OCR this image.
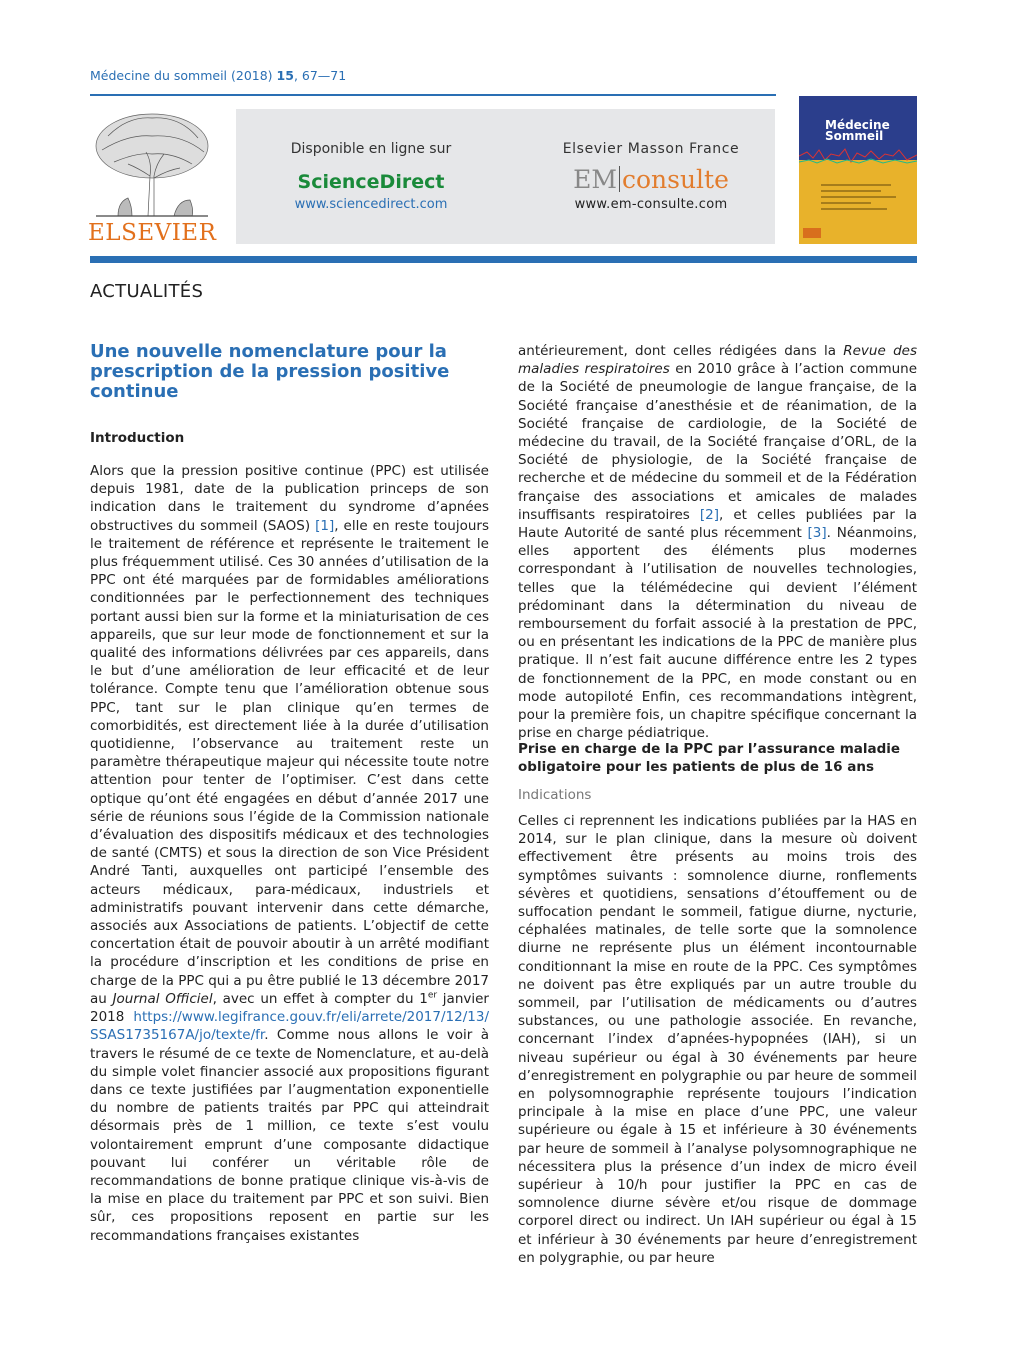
Médecine du sommeil (2018) 15, 67—71
ELSEVIER
Disponible en ligne sur
ScienceDirect
www.sciencedirect.com
Elsevier Masson France
EM consulte
www.em-consulte.com
Médecine
Sommeil
ACTUALITÉS
Une nouvelle nomenclature pour la prescription de la pression positive continue
Introduction
Alors que la pression positive continue (PPC) est utilisée depuis 1981, date de la publication princeps de son indication dans le traitement du syndrome d’apnées obstructives du sommeil (SAOS) [1], elle en reste toujours le traitement de référence et représente le traitement le plus fréquemment utilisé. Ces 30 années d’utilisation de la PPC ont été marquées par de formidables améliorations conditionnées par le perfectionnement des techniques portant aussi bien sur la forme et la miniaturisation de ces appareils, que sur leur mode de fonctionnement et sur la qualité des informations délivrées par ces appareils, dans le but d’une amélioration de leur efficacité et de leur tolérance. Compte tenu que l’amélioration obtenue sous PPC, tant sur le plan clinique qu’en termes de comorbidités, est directement liée à la durée d’utilisation quotidienne, l’observance au traitement reste un paramètre thérapeutique majeur qui nécessite toute notre attention pour tenter de l’optimiser. C’est dans cette optique qu’ont été engagées en début d’année 2017 une série de réunions sous l’égide de la Commission nationale d’évaluation des dispositifs médicaux et des technologies de santé (CMTS) et sous la direction de son Vice Président André Tanti, auxquelles ont participé l’ensemble des acteurs médicaux, para-médicaux, industriels et administratifs pouvant intervenir dans cette démarche, associés aux Associations de patients. L’objectif de cette concertation était de pouvoir aboutir à un arrêté modifiant la procédure d’inscription et les conditions de prise en charge de la PPC qui a pu être publié le 13 décembre 2017 au Journal Officiel, avec un effet à compter du 1er janvier 2018 https://www.legifrance.gouv.fr/eli/arrete/2017/12/13/SSAS1735167A/jo/texte/fr. Comme nous allons le voir à travers le résumé de ce texte de Nomenclature, et au-delà du simple volet financier associé aux propositions figurant dans ce texte justifiées par l’augmentation exponentielle du nombre de patients traités par PPC qui atteindrait désormais près de 1 million, ce texte s’est voulu volontairement emprunt d’une composante didactique pouvant lui conférer un véritable rôle de recommandations de bonne pratique clinique vis-à-vis de la mise en place du traitement par PPC et son suivi. Bien sûr, ces propositions reposent en partie sur les recommandations françaises existantes
antérieurement, dont celles rédigées dans la Revue des maladies respiratoires en 2010 grâce à l’action commune de la Société de pneumologie de langue française, de la Société française d’anesthésie et de réanimation, de la Société française de cardiologie, de la Société de médecine du travail, de la Société française d’ORL, de la Société de physiologie, de la Société française de recherche et de médecine du sommeil et de la Fédération française des associations et amicales de malades insuffisants respiratoires [2], et celles publiées par la Haute Autorité de santé plus récemment [3]. Néanmoins, elles apportent des éléments plus modernes correspondant à l’utilisation de nouvelles technologies, telles que la télémédecine qui devient l’élément prédominant dans la détermination du niveau de remboursement du forfait associé à la prestation de PPC, ou en présentant les indications de la PPC de manière plus pratique. Il n’est fait aucune différence entre les 2 types de fonctionnement de la PPC, en mode constant ou en mode autopiloté Enfin, ces recommandations intègrent, pour la première fois, un chapitre spécifique concernant la prise en charge pédiatrique.
Prise en charge de la PPC par l’assurance maladie obligatoire pour les patients de plus de 16 ans
Indications
Celles ci reprennent les indications publiées par la HAS en 2014, sur le plan clinique, dans la mesure où doivent effectivement être présents au moins trois des symptômes suivants : somnolence diurne, ronflements sévères et quotidiens, sensations d’étouffement ou de suffocation pendant le sommeil, fatigue diurne, nycturie, céphalées matinales, de telle sorte que la somnolence diurne ne représente plus un élément incontournable conditionnant la mise en route de la PPC. Ces symptômes ne doivent pas être expliqués par un autre trouble du sommeil, par l’utilisation de médicaments ou d’autres substances, ou une pathologie associée. En revanche, concernant l’index d’apnées-hypopnées (IAH), si un niveau supérieur ou égal à 30 événements par heure d’enregistrement en polygraphie ou par heure de sommeil en polysomnographie représente toujours l’indication principale à la mise en place d’une PPC, une valeur supérieure ou égale à 15 et inférieure à 30 événements par heure de sommeil à l’analyse polysomnographique ne nécessitera plus la présence d’un index de micro éveil supérieur à 10/h pour justifier la PPC en cas de somnolence diurne sévère et/ou risque de dommage corporel direct ou indirect. Un IAH supérieur ou égal à 15 et inférieur à 30 événements par heure d’enregistrement en polygraphie, ou par heure
